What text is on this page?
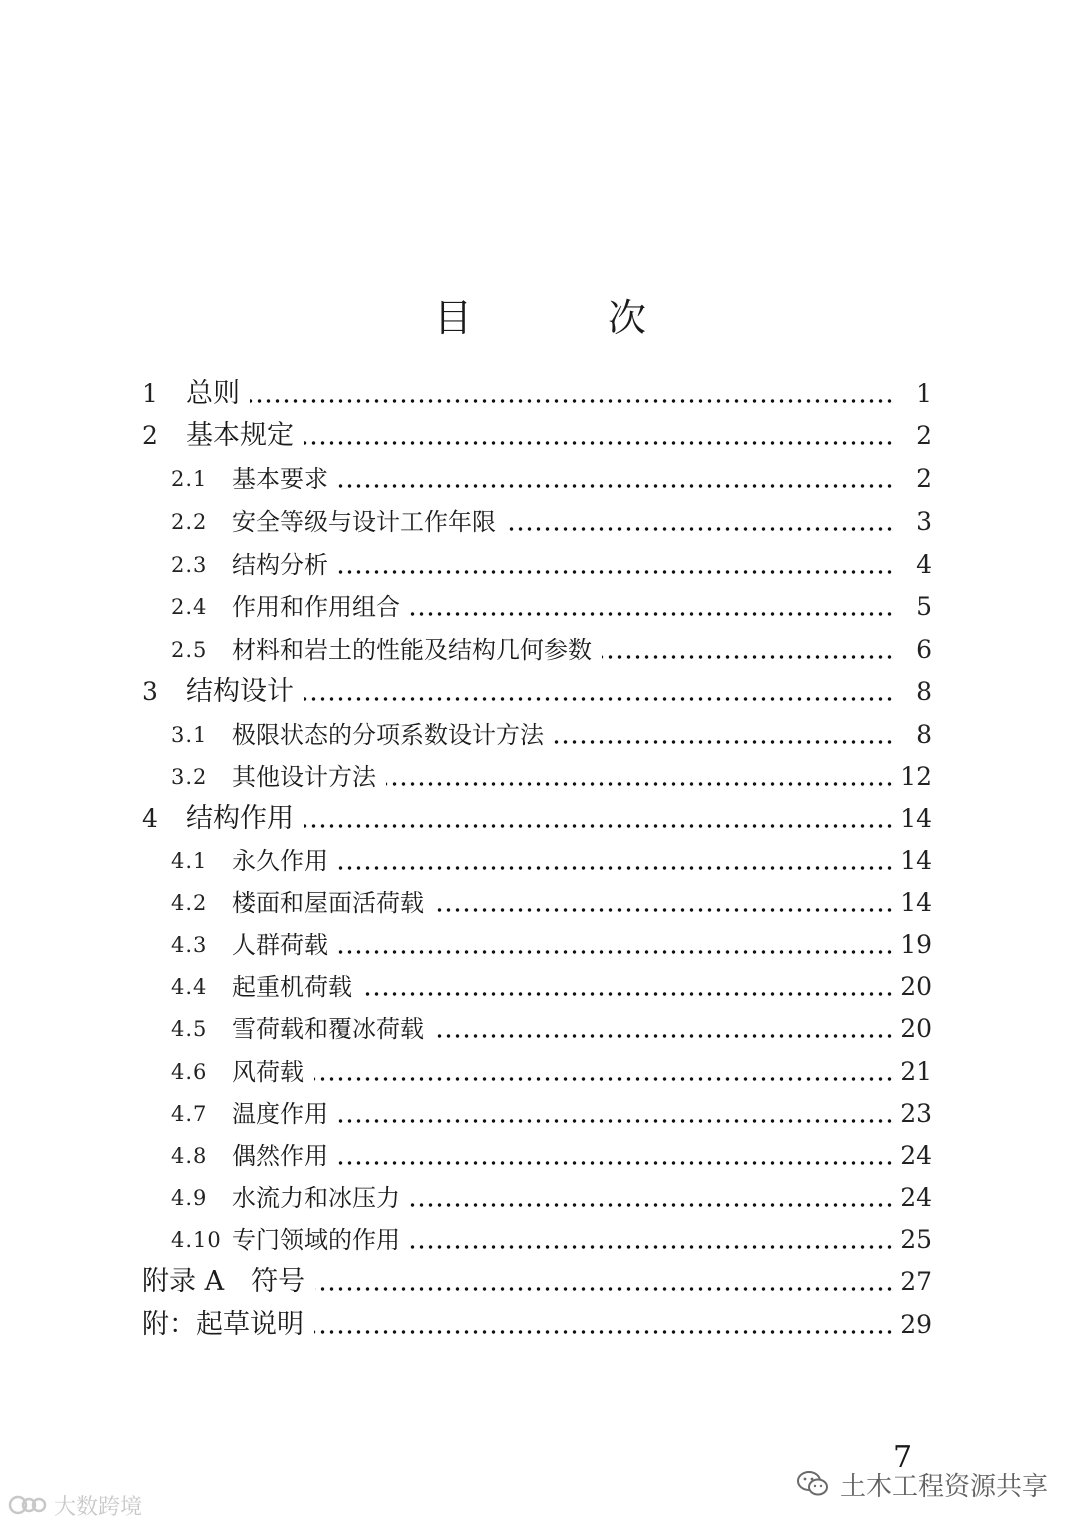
目 次
1 总则	1
2 基本规定	2
2.1 基本要求	2
2.2 安全等级与设计工作年限	3
2.3 结构分析	4
2.4 作用和作用组合	5
2.5 材料和岩土的性能及结构几何参数	6
3 结构设计	8
3.1 极限状态的分项系数设计方法	8
3.2 其他设计方法	12
4 结构作用	14
4.1 永久作用	14
4.2 楼面和屋面活荷载	14
4.3 人群荷载	19
4.4 起重机荷载	20
4.5 雪荷载和覆冰荷载	20
4.6 风荷载	21
4.7 温度作用	23
4.8 偶然作用	24
4.9 水流力和冰压力	24
4.10 专门领域的作用	25
附录 A　符号	27
附：起草说明	29
7
大数跨境
土木工程资源共享
